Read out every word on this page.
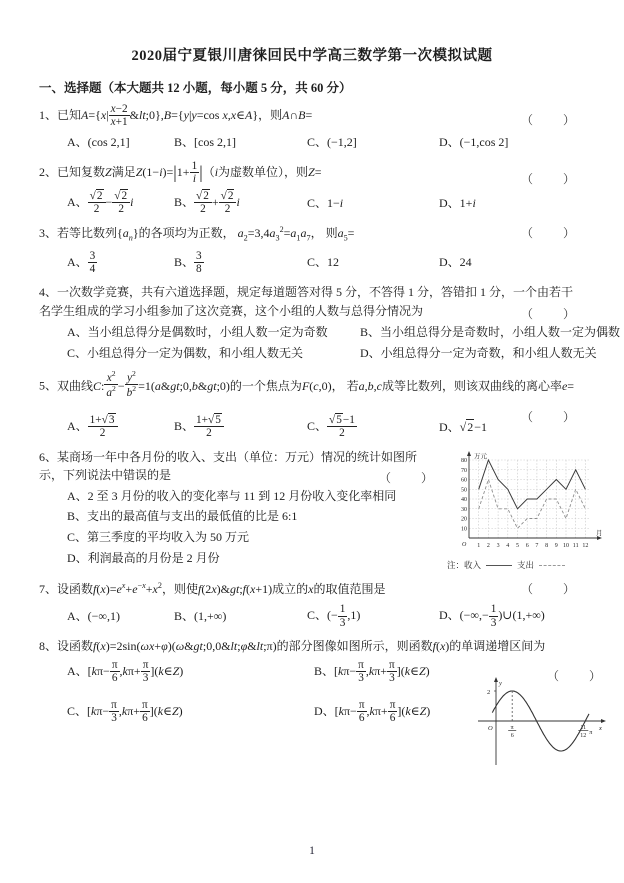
2020届宁夏银川唐徕回民中学高三数学第一次模拟试题
一、选择题（本大题共 12 小题，每小题 5 分，共 60 分）
（　　）
1、已知$A=\{x| \frac{x-2}{x+1}$ &lt;0},B={y|y=cos x,x∈A}，则A∩B=
A、(cos 2,1]	B、[cos 2,1]	C、(−1,2]	D、(−1,cos 2]
（　　）
2、已知复数Z满足$Z(1-i)=|1+ \frac{1}{i} |(i$为虚数单位），则Z=
A、 $\frac{√2}{2} - \frac{√2}{2}$ i	B、 $\frac{√2}{2} + \frac{√2}{2}$ i	C、1−i	D、1+i
（　　）
3、若等比数列$\{a_n\}$的各项均为正数， $a_2=3,4a_3^2=a_1a_7$， 则$a_5=$
A、 $\frac{3}{4}$	B、 $\frac{3}{8}$	C、12	D、24
（　　）
4、一次数学竞赛，共有六道选择题，规定每道题答对得 5 分，不答得 1 分，答错扣 1 分，一个由若干名学生组成的学习小组参加了这次竞赛，这个小组的人数与总得分情况为
A、当小组总得分是偶数时，小组人数一定为奇数	B、当小组总得分是奇数时，小组人数一定为偶数
C、小组总得分一定为偶数，和小组人数无关	D、小组总得分一定为奇数，和小组人数无关
（　　）
5、双曲线C: $\frac{x^2}{a^2} - \frac{y^2}{b^2}$ =1(a&gt;0,b&gt;0)的一个焦点为F(c,0)， 若a,b,c成等比数列，则该双曲线的离心率e=
A、 $\frac{1+√3}{2}$	B、 $\frac{1+√5}{2}$	C、 $\frac{√5-1}{2}$	D、√2−1
（　　）
6、某商场一年中各月份的收入、支出（单位：万元）情况的统计如图所示，下列说法中错误的是
A、2 至 3 月份的收入的变化率与 11 到 12 月份收入变化率相同
B、支出的最高值与支出的最低值的比是 6:1
C、第三季度的平均收入为 50 万元
D、利润最高的月份是 2 月份
10
20
30
40
50
60
70
80
1 2 3 4 5 6 7 8 9 10 11 12
O
万元
月
注：收入	支出
（　　）
7、设函数$f(x)=e^x+e^{-x}+x^2$，则使f(2x)&gt;f(x+1)成立的x的取值范围是
A、(−∞,1)	B、(1,+∞)	C、(− $\frac{1}{3} ,1$)	D、(−∞,− $\frac{1}{3}$ )∪(1,+∞)
（　　）
8、设函数f(x)=2sin(ωx+φ)(ω&gt;0,0&lt;φ&lt;π)的部分图像如图所示，则函数f(x)的单调递增区间为
A、[$k\pi- \frac{\pi}{6} ,k\pi+ \frac{\pi}{3}$ ](k∈Z)	B、[$k\pi- \frac{\pi}{3} ,k\pi+ \frac{\pi}{3}$ ](k∈Z)
C、[$k\pi- \frac{\pi}{3} ,k\pi+ \frac{\pi}{6}$ ](k∈Z)	D、[$k\pi- \frac{\pi}{6} ,k\pi+ \frac{\pi}{6}$ ](k∈Z)
2
y
x
O	π
6
11
12 π
1
